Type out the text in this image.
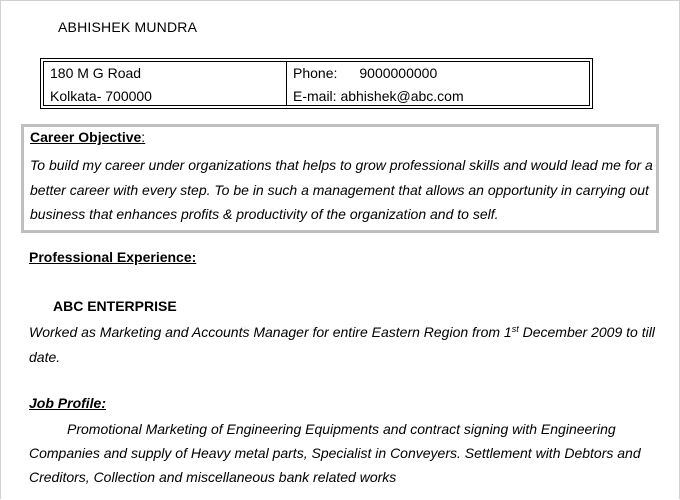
ABHISHEK MUNDRA
180 M G Road
Kolkata- 700000
Phone: 9000000000
E-mail: abhishek@abc.com
Career Objective:
To build my career under organizations that helps to grow professional skills and would lead me for a
better career with every step. To be in such a management that allows an opportunity in carrying out
business that enhances profits & productivity of the organization and to self.
Professional Experience:
ABC ENTERPRISE
Worked as Marketing and Accounts Manager for entire Eastern Region from 1st December 2009 to till
date.
Job Profile:
Promotional Marketing of Engineering Equipments and contract signing with Engineering
Companies and supply of Heavy metal parts, Specialist in Conveyers. Settlement with Debtors and
Creditors, Collection and miscellaneous bank related works
